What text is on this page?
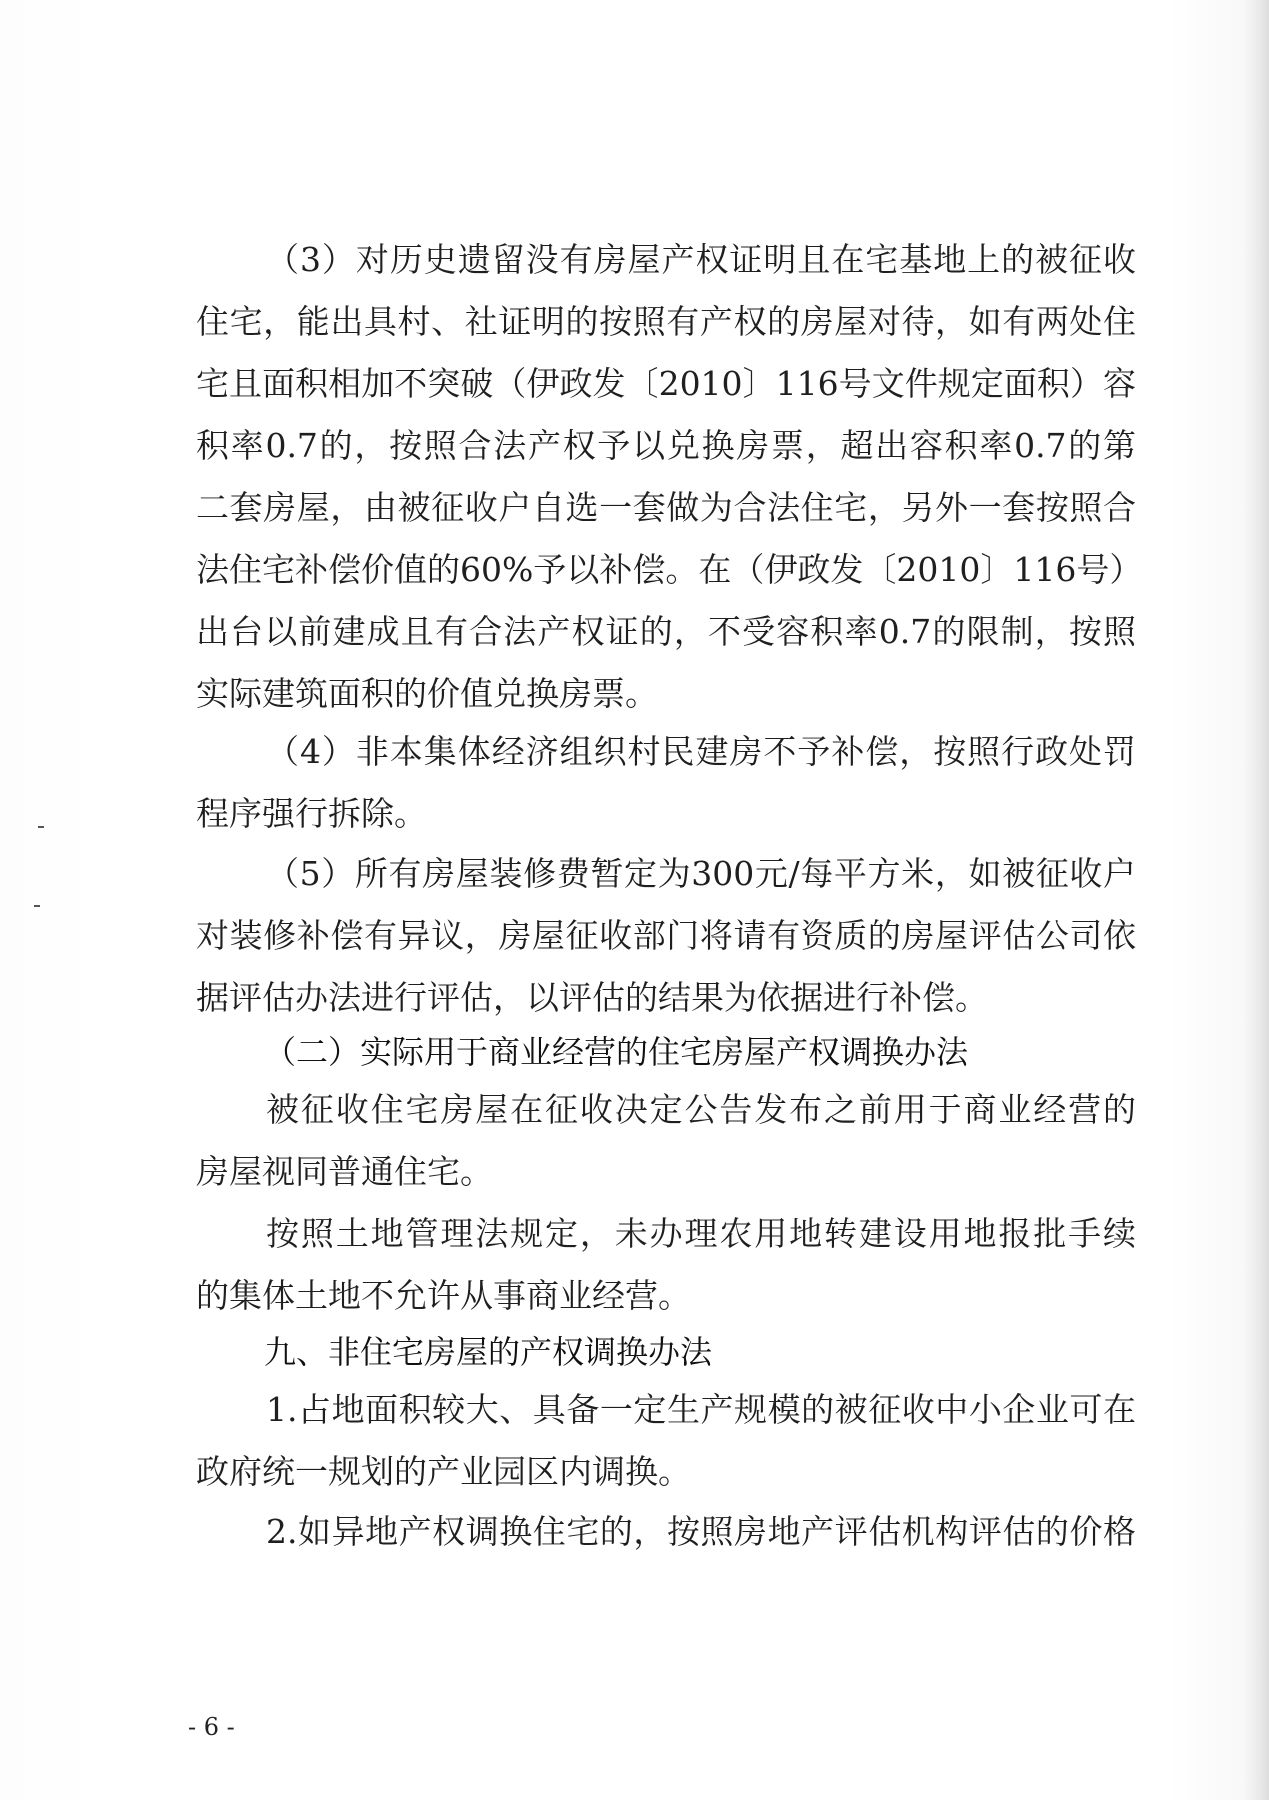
（3）对历史遗留没有房屋产权证明且在宅基地上的被征收
住宅，能出具村、社证明的按照有产权的房屋对待，如有两处住
宅且面积相加不突破（伊政发〔2010〕116号文件规定面积）容
积率0.7的，按照合法产权予以兑换房票，超出容积率0.7的第
二套房屋，由被征收户自选一套做为合法住宅，另外一套按照合
法住宅补偿价值的60%予以补偿。在（伊政发〔2010〕116号）
出台以前建成且有合法产权证的，不受容积率0.7的限制，按照
实际建筑面积的价值兑换房票。
（4）非本集体经济组织村民建房不予补偿，按照行政处罚
程序强行拆除。
（5）所有房屋装修费暂定为300元/每平方米，如被征收户
对装修补偿有异议，房屋征收部门将请有资质的房屋评估公司依
据评估办法进行评估，以评估的结果为依据进行补偿。
（二）实际用于商业经营的住宅房屋产权调换办法
被征收住宅房屋在征收决定公告发布之前用于商业经营的
房屋视同普通住宅。
按照土地管理法规定，未办理农用地转建设用地报批手续
的集体土地不允许从事商业经营。
九、非住宅房屋的产权调换办法
1.占地面积较大、具备一定生产规模的被征收中小企业可在
政府统一规划的产业园区内调换。
2.如异地产权调换住宅的，按照房地产评估机构评估的价格
- 6 -
